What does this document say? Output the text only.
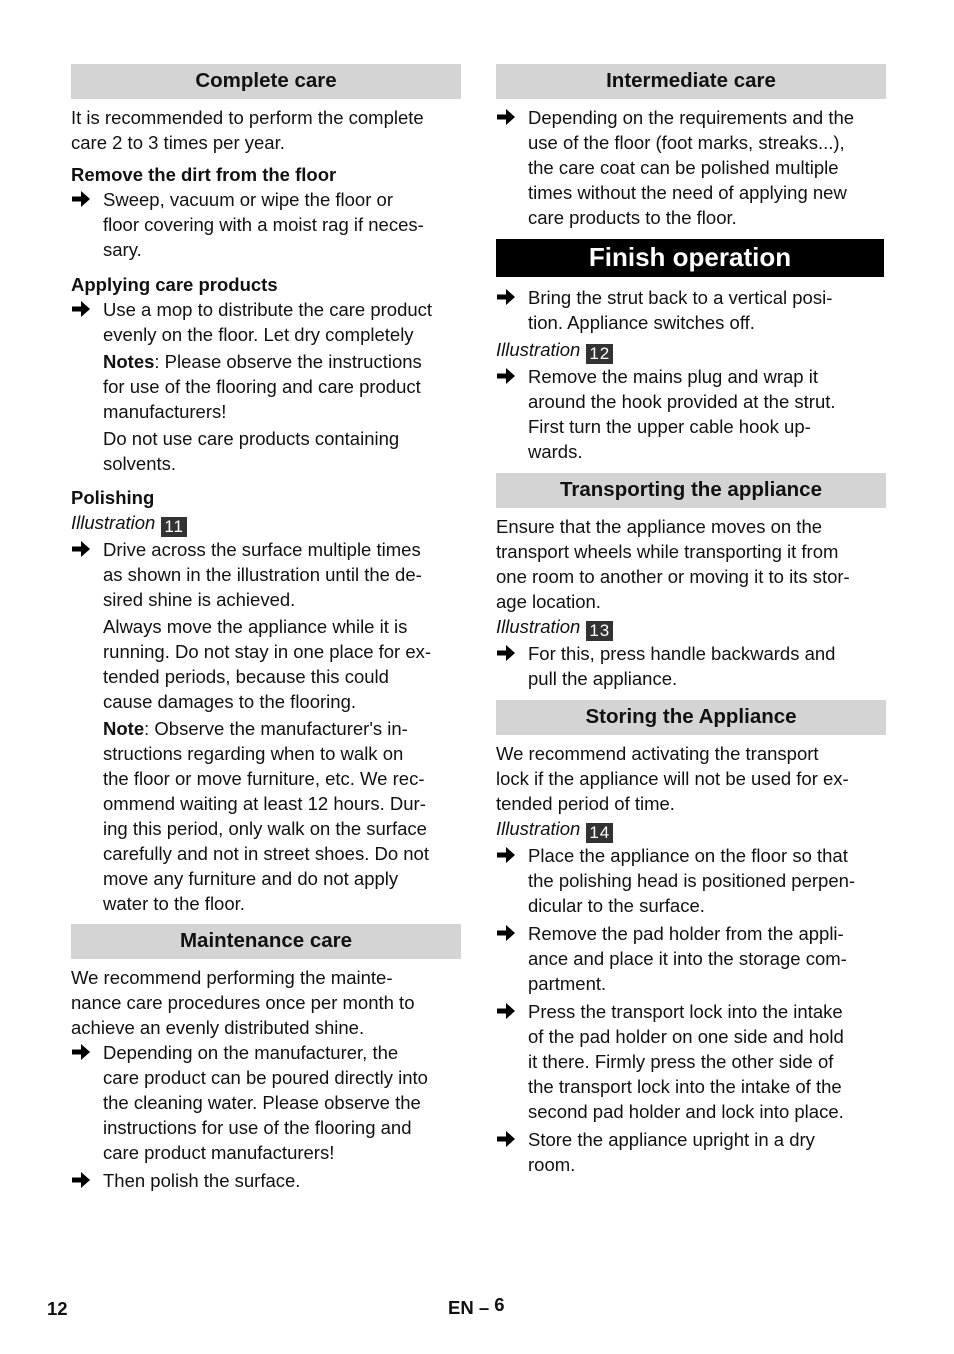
Complete care
It is recommended to perform the complete
care 2 to 3 times per year.
Remove the dirt from the floor
Sweep, vacuum or wipe the floor or
floor covering with a moist rag if neces-
sary.
Applying care products
Use a mop to distribute the care product
evenly on the floor. Let dry completely
Notes: Please observe the instructions
for use of the flooring and care product
manufacturers!
Do not use care products containing
solvents.
Polishing
Illustration 11
Drive across the surface multiple times
as shown in the illustration until the de-
sired shine is achieved.
Always move the appliance while it is
running. Do not stay in one place for ex-
tended periods, because this could
cause damages to the flooring.
Note: Observe the manufacturer's in-
structions regarding when to walk on
the floor or move furniture, etc. We rec-
ommend waiting at least 12 hours. Dur-
ing this period, only walk on the surface
carefully and not in street shoes. Do not
move any furniture and do not apply
water to the floor.
Maintenance care
We recommend performing the mainte-
nance care procedures once per month to
achieve an evenly distributed shine.
Depending on the manufacturer, the
care product can be poured directly into
the cleaning water. Please observe the
instructions for use of the flooring and
care product manufacturers!
Then polish the surface.
Intermediate care
Depending on the requirements and the
use of the floor (foot marks, streaks...),
the care coat can be polished multiple
times without the need of applying new
care products to the floor.
Finish operation
Bring the strut back to a vertical posi-
tion. Appliance switches off.
Illustration 12
Remove the mains plug and wrap it
around the hook provided at the strut.
First turn the upper cable hook up-
wards.
Transporting the appliance
Ensure that the appliance moves on the
transport wheels while transporting it from
one room to another or moving it to its stor-
age location.
Illustration 13
For this, press handle backwards and
pull the appliance.
Storing the Appliance
We recommend activating the transport
lock if the appliance will not be used for ex-
tended period of time.
Illustration 14
Place the appliance on the floor so that
the polishing head is positioned perpen-
dicular to the surface.
Remove the pad holder from the appli-
ance and place it into the storage com-
partment.
Press the transport lock into the intake
of the pad holder on one side and hold
it there. Firmly press the other side of
the transport lock into the intake of the
second pad holder and lock into place.
Store the appliance upright in a dry
room.
12	EN – 6
